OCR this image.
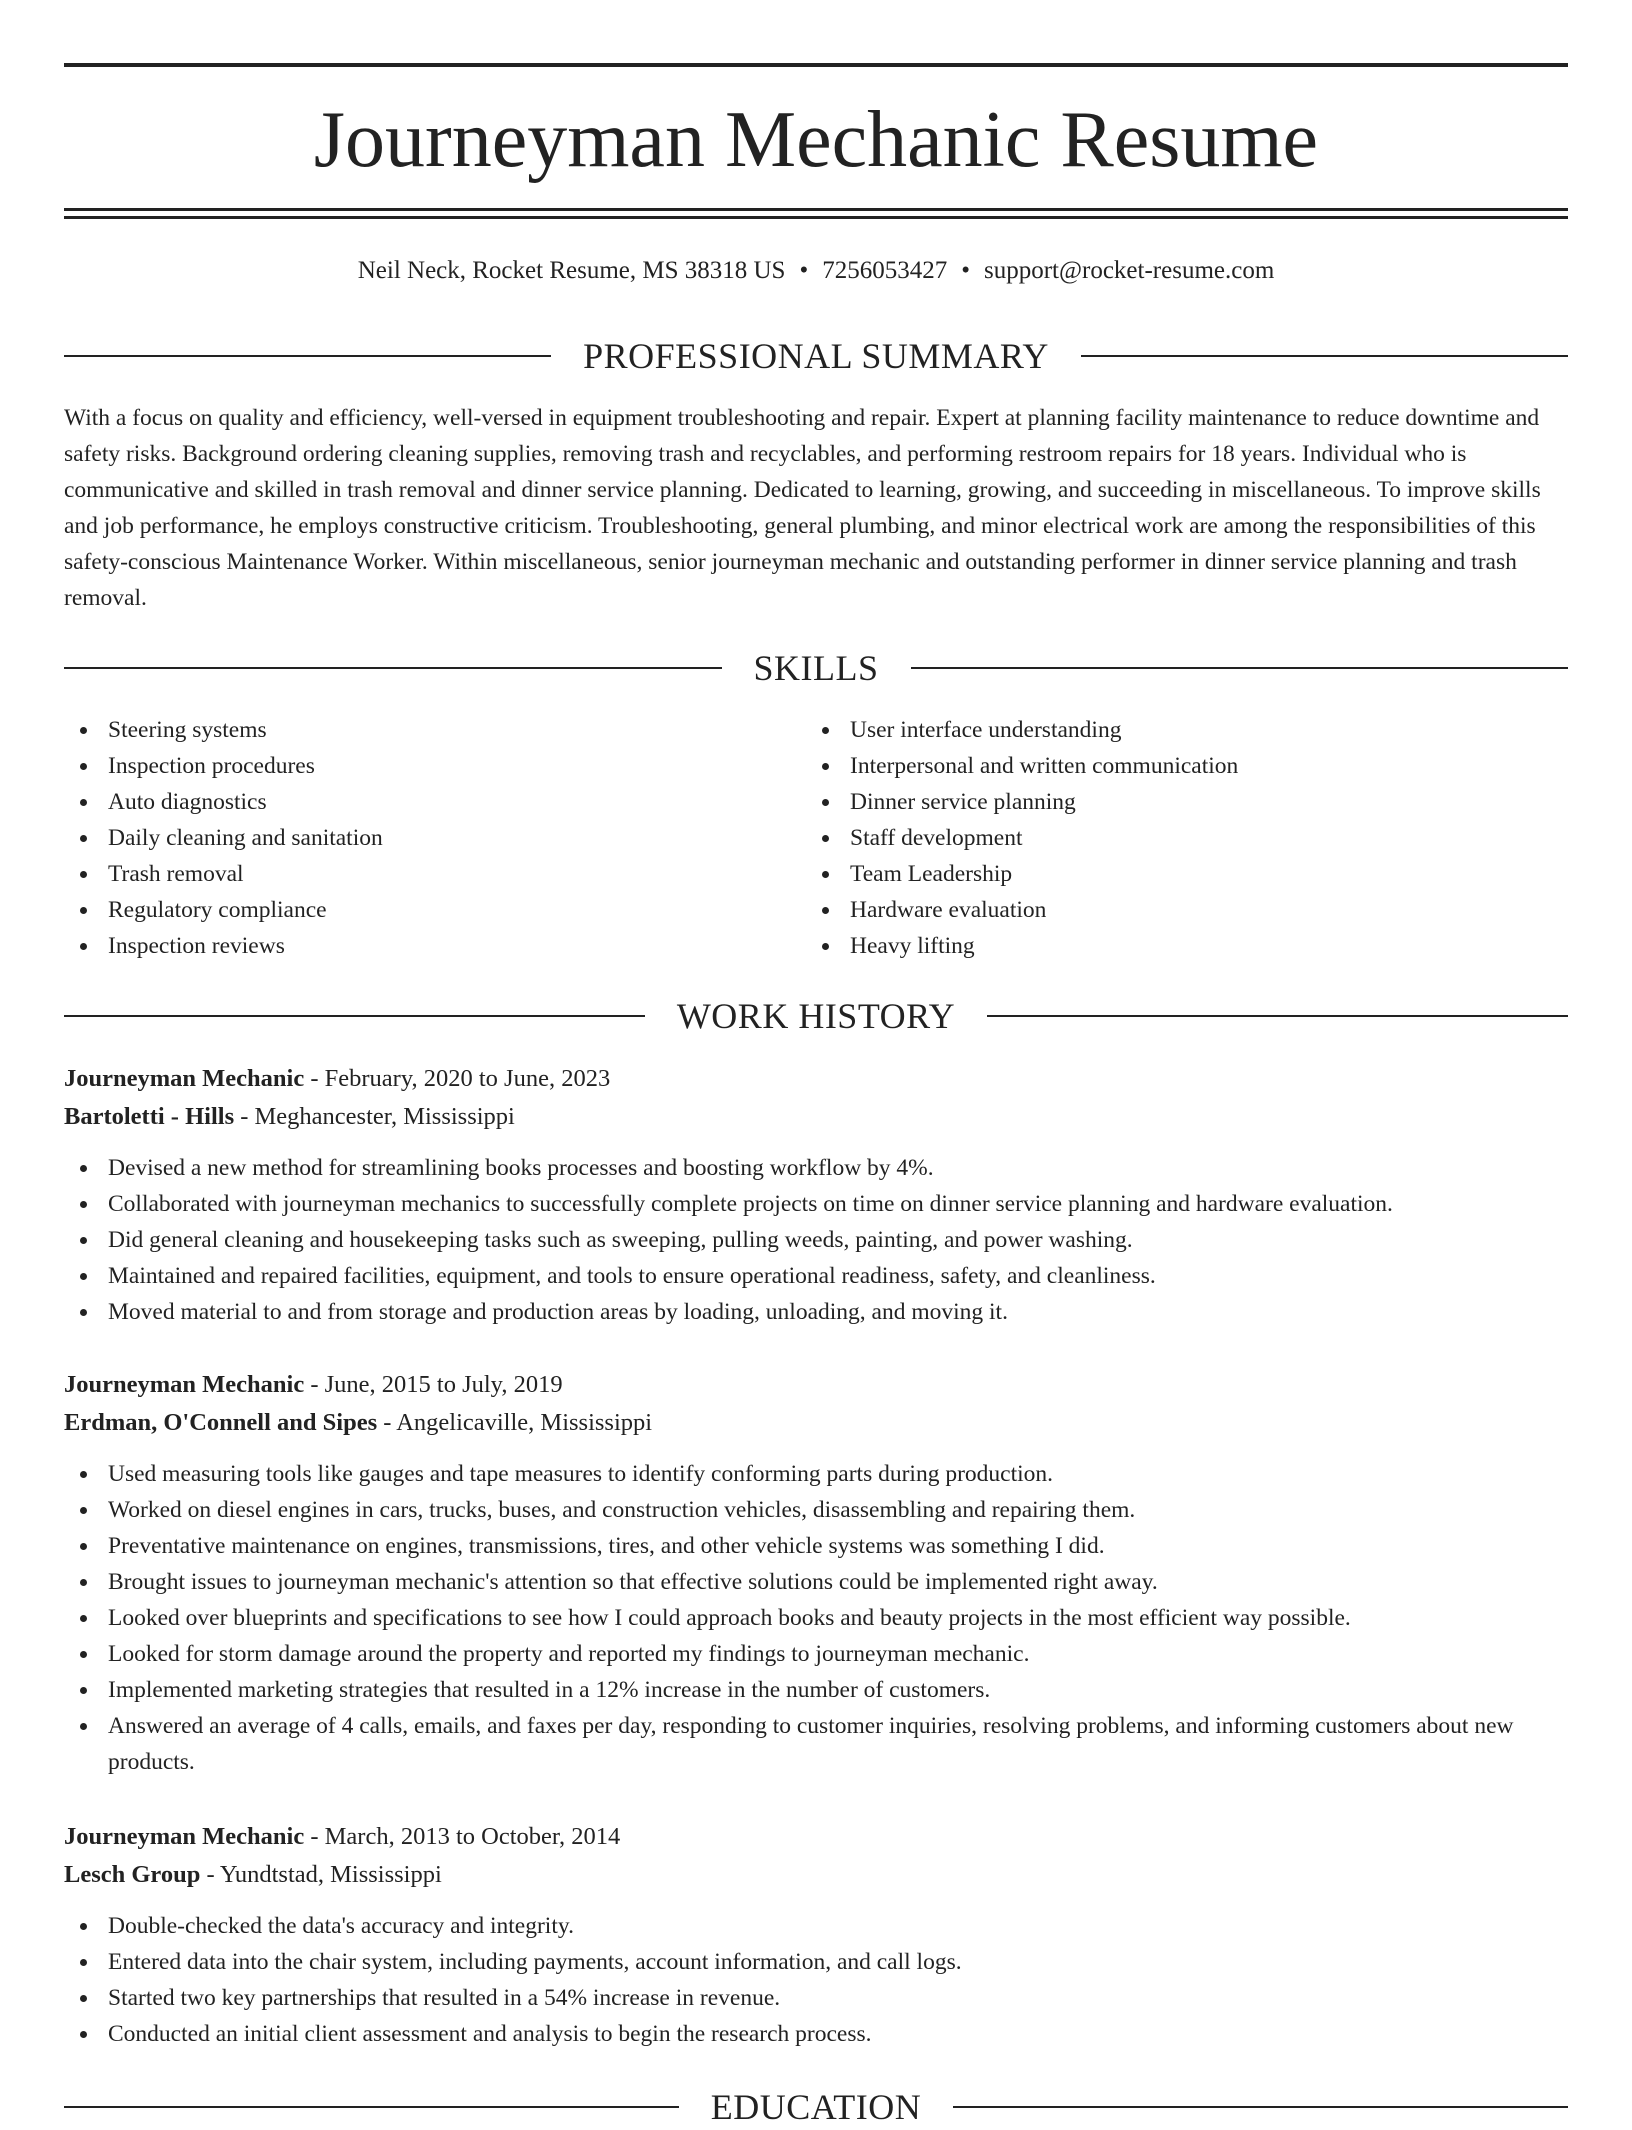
Journeyman Mechanic Resume
Neil Neck, Rocket Resume, MS 38318 US • 7256053427 • support@rocket-resume.com
PROFESSIONAL SUMMARY

With a focus on quality and efficiency, well-versed in equipment troubleshooting and repair. Expert at planning facility maintenance to reduce downtime and safety risks. Background ordering cleaning supplies, removing trash and recyclables, and performing restroom repairs for 18 years. Individual who is communicative and skilled in trash removal and dinner service planning. Dedicated to learning, growing, and succeeding in miscellaneous. To improve skills and job performance, he employs constructive criticism. Troubleshooting, general plumbing, and minor electrical work are among the responsibilities of this safety-conscious Maintenance Worker. Within miscellaneous, senior journeyman mechanic and outstanding performer in dinner service planning and trash removal.

SKILLS
Steering systems
Inspection procedures
Auto diagnostics
Daily cleaning and sanitation
Trash removal
Regulatory compliance
Inspection reviews
User interface understanding
Interpersonal and written communication
Dinner service planning
Staff development
Team Leadership
Hardware evaluation
Heavy lifting
WORK HISTORY
Journeyman Mechanic - February, 2020 to June, 2023
Bartoletti - Hills - Meghancester, Mississippi
Devised a new method for streamlining books processes and boosting workflow by 4%.
Collaborated with journeyman mechanics to successfully complete projects on time on dinner service planning and hardware evaluation.
Did general cleaning and housekeeping tasks such as sweeping, pulling weeds, painting, and power washing.
Maintained and repaired facilities, equipment, and tools to ensure operational readiness, safety, and cleanliness.
Moved material to and from storage and production areas by loading, unloading, and moving it.
Journeyman Mechanic - June, 2015 to July, 2019
Erdman, O'Connell and Sipes - Angelicaville, Mississippi
Used measuring tools like gauges and tape measures to identify conforming parts during production.
Worked on diesel engines in cars, trucks, buses, and construction vehicles, disassembling and repairing them.
Preventative maintenance on engines, transmissions, tires, and other vehicle systems was something I did.
Brought issues to journeyman mechanic's attention so that effective solutions could be implemented right away.
Looked over blueprints and specifications to see how I could approach books and beauty projects in the most efficient way possible.
Looked for storm damage around the property and reported my findings to journeyman mechanic.
Implemented marketing strategies that resulted in a 12% increase in the number of customers.
Answered an average of 4 calls, emails, and faxes per day, responding to customer inquiries, resolving problems, and informing customers about new products.
Journeyman Mechanic - March, 2013 to October, 2014
Lesch Group - Yundtstad, Mississippi
Double-checked the data's accuracy and integrity.
Entered data into the chair system, including payments, account information, and call logs.
Started two key partnerships that resulted in a 54% increase in revenue.
Conducted an initial client assessment and analysis to begin the research process.
EDUCATION
